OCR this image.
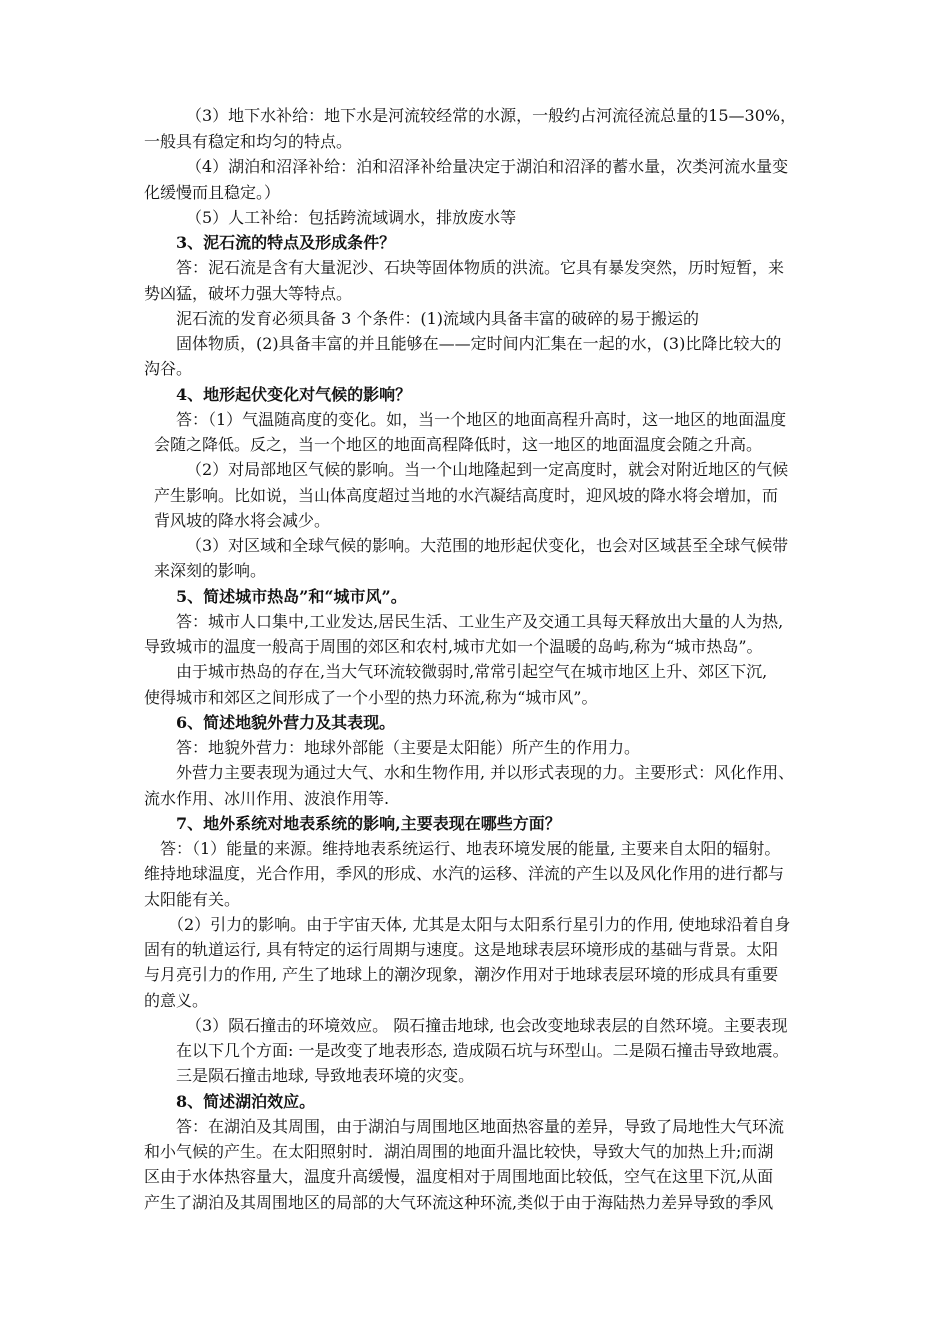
（3）地下水补给：地下水是河流较经常的水源，一般约占河流径流总量的15—30%，
一般具有稳定和均匀的特点。
（4）湖泊和沼泽补给：泊和沼泽补给量决定于湖泊和沼泽的蓄水量，次类河流水量变
化缓慢而且稳定。）
（5）人工补给：包括跨流域调水，排放废水等
3、泥石流的特点及形成条件？
答：泥石流是含有大量泥沙、石块等固体物质的洪流。它具有暴发突然，历时短暂，来
势凶猛，破坏力强大等特点。
泥石流的发育必须具备 3 个条件：(1)流域内具备丰富的破碎的易于搬运的
固体物质，(2)具备丰富的并且能够在——定时间内汇集在一起的水，(3)比降比较大的
沟谷。
4、地形起伏变化对气候的影响？
答：（1）气温随高度的变化。如，当一个地区的地面高程升高时，这一地区的地面温度
会随之降低。反之，当一个地区的地面高程降低时，这一地区的地面温度会随之升高。
（2）对局部地区气候的影响。当一个山地隆起到一定高度时，就会对附近地区的气候
产生影响。比如说，当山体高度超过当地的水汽凝结高度时，迎风坡的降水将会增加，而
背风坡的降水将会减少。
（3）对区域和全球气候的影响。大范围的地形起伏变化，也会对区域甚至全球气候带
来深刻的影响。
5、简述城市热岛”和“城市风”。
答：城市人口集中,工业发达,居民生活、工业生产及交通工具每天释放出大量的人为热,
导致城市的温度一般高于周围的郊区和农村,城市尤如一个温暖的岛屿,称为“城市热岛”。
由于城市热岛的存在,当大气环流较微弱时,常常引起空气在城市地区上升、郊区下沉,
使得城市和郊区之间形成了一个小型的热力环流,称为“城市风”。
6、简述地貌外营力及其表现。
答：地貌外营力：地球外部能（主要是太阳能）所产生的作用力。
外营力主要表现为通过大气、水和生物作用, 并以形式表现的力。主要形式：风化作用、
流水作用、冰川作用、波浪作用等.
7、地外系统对地表系统的影响,主要表现在哪些方面？
答：（1）能量的来源。维持地表系统运行、地表环境发展的能量, 主要来自太阳的辐射。
维持地球温度，光合作用，季风的形成、水汽的运移、洋流的产生以及风化作用的进行都与
太阳能有关。
（2）引力的影响。由于宇宙天体, 尤其是太阳与太阳系行星引力的作用, 使地球沿着自身
固有的轨道运行, 具有特定的运行周期与速度。这是地球表层环境形成的基础与背景。太阳
与月亮引力的作用, 产生了地球上的潮汐现象，潮汐作用对于地球表层环境的形成具有重要
的意义。
（3）陨石撞击的环境效应。 陨石撞击地球, 也会改变地球表层的自然环境。主要表现
在以下几个方面: 一是改变了地表形态, 造成陨石坑与环型山。二是陨石撞击导致地震。
三是陨石撞击地球, 导致地表环境的灾变。
8、简述湖泊效应。
答：在湖泊及其周围，由于湖泊与周围地区地面热容量的差异，导致了局地性大气环流
和小气候的产生。在太阳照射时．湖泊周围的地面升温比较快，导致大气的加热上升;而湖
区由于水体热容量大，温度升高缓慢，温度相对于周围地面比较低，空气在这里下沉,从面
产生了湖泊及其周围地区的局部的大气环流这种环流,类似于由于海陆热力差异导致的季风
